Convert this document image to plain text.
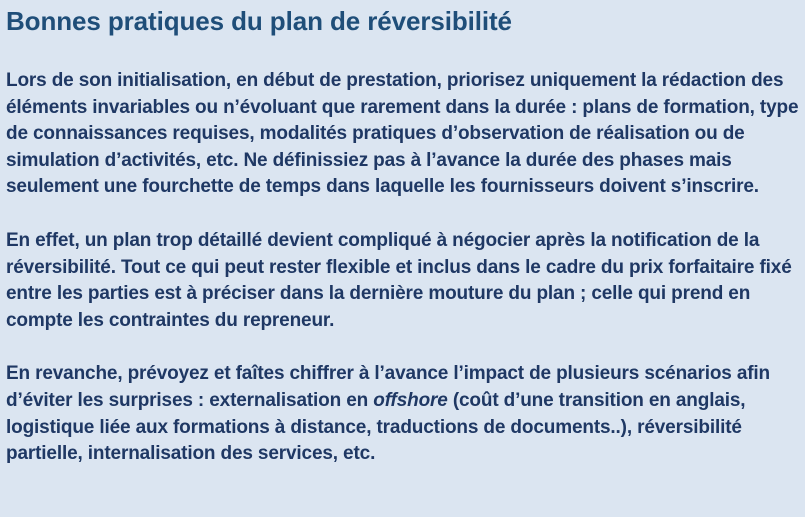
Bonnes pratiques du plan de réversibilité

Lors de son initialisation, en début de prestation, priorisez uniquement la rédaction des éléments invariables ou n’évoluant que rarement dans la durée : plans de formation, type de connaissances requises, modalités pratiques d’observation de réalisation ou de simulation d’activités, etc. Ne définissiez pas à l’avance la durée des phases mais seulement une fourchette de temps dans laquelle les fournisseurs doivent s’inscrire.

En effet, un plan trop détaillé devient compliqué à négocier après la notification de la réversibilité. Tout ce qui peut rester flexible et inclus dans le cadre du prix forfaitaire fixé entre les parties est à préciser dans la dernière mouture du plan ; celle qui prend en compte les contraintes du repreneur.

En revanche, prévoyez et faîtes chiffrer à l’avance l’impact de plusieurs scénarios afin d’éviter les surprises : externalisation en offshore (coût d’une transition en anglais, logistique liée aux formations à distance, traductions de documents..), réversibilité partielle, internalisation des services, etc.
